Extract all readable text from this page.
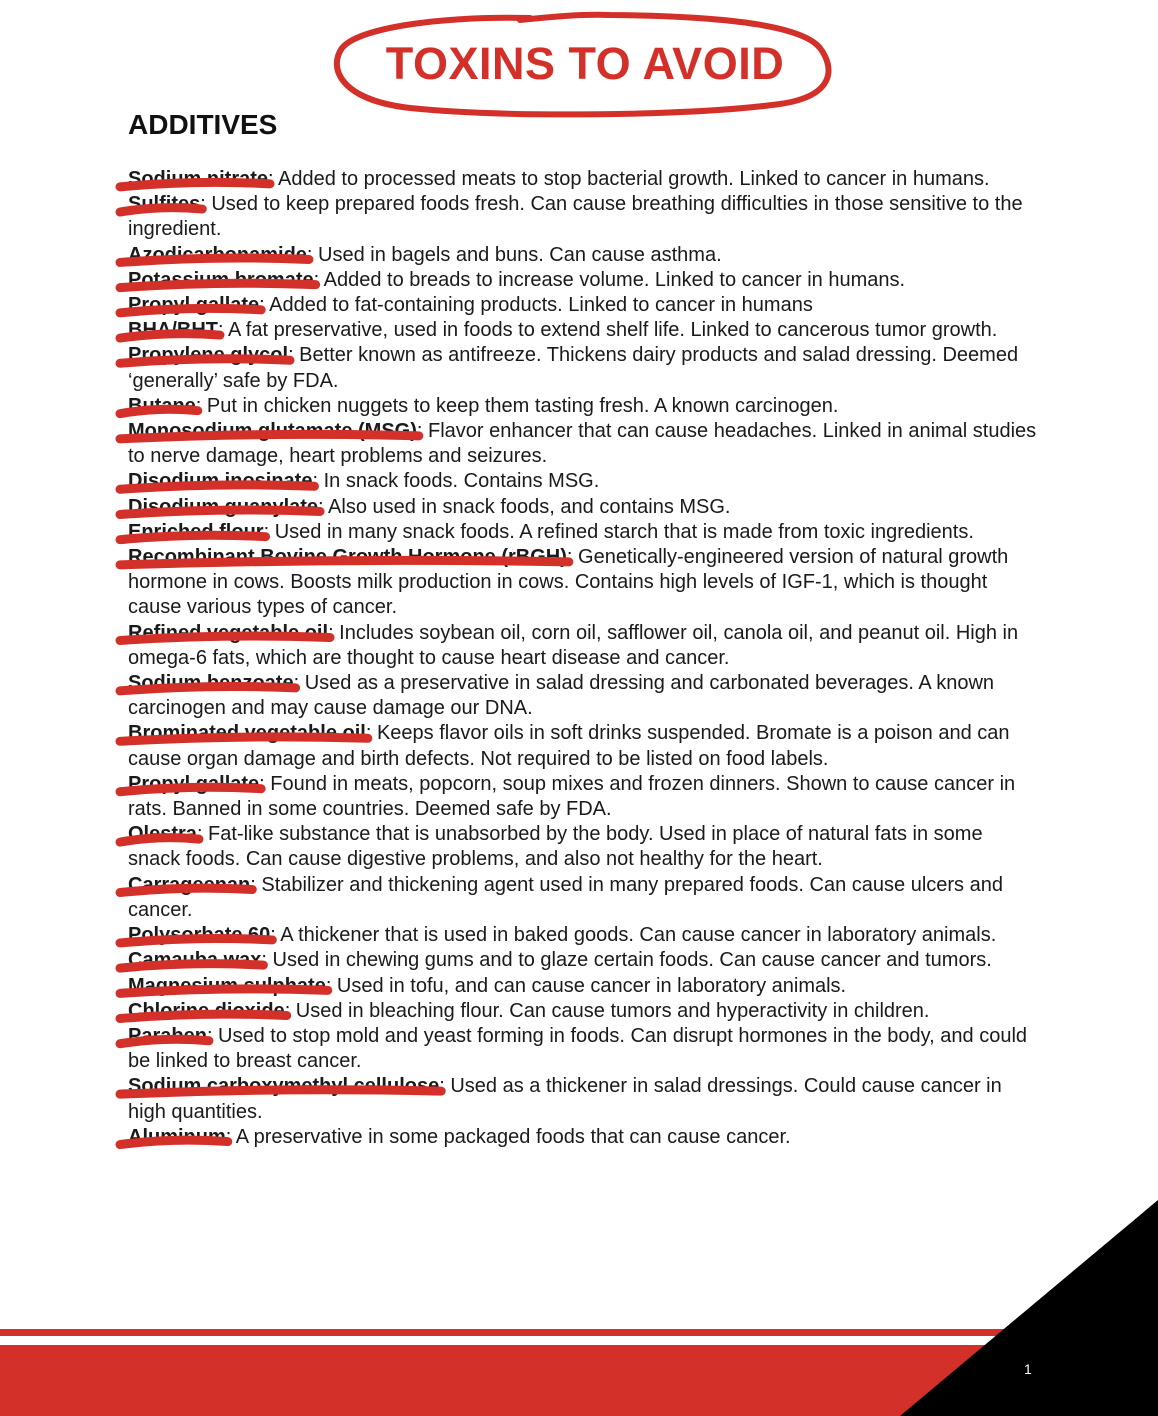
TOXINS TO AVOID
ADDITIVES

Sodium nitrate: Added to processed meats to stop bacterial growth. Linked to cancer in humans.

Sulfites: Used to keep prepared foods fresh. Can cause breathing difficulties in those sensitive to the ingredient.

Azodicarbonamide: Used in bagels and buns. Can cause asthma.

Potassium bromate: Added to breads to increase volume. Linked to cancer in humans.

Propyl gallate: Added to fat-containing products. Linked to cancer in humans

BHA/BHT: A fat preservative, used in foods to extend shelf life. Linked to cancerous tumor growth.

Propylene glycol: Better known as antifreeze. Thickens dairy products and salad dressing. Deemed ‘generally’ safe by FDA.

Butane: Put in chicken nuggets to keep them tasting fresh. A known carcinogen.

Monosodium glutamate (MSG): Flavor enhancer that can cause headaches. Linked in animal studies to nerve damage, heart problems and seizures.

Disodium inosinate: In snack foods. Contains MSG.

Disodium guanylate: Also used in snack foods, and contains MSG.

Enriched flour: Used in many snack foods. A refined starch that is made from toxic ingredients.

Recombinant Bovine Growth Hormone (rBGH): Genetically-engineered version of natural growth hormone in cows. Boosts milk production in cows. Contains high levels of IGF-1, which is thought cause various types of cancer.

Refined vegetable oil: Includes soybean oil, corn oil, safflower oil, canola oil, and peanut oil. High in omega-6 fats, which are thought to cause heart disease and cancer.

Sodium benzoate: Used as a preservative in salad dressing and carbonated beverages. A known carcinogen and may cause damage our DNA.

Brominated vegetable oil: Keeps flavor oils in soft drinks suspended. Bromate is a poison and can cause organ damage and birth defects. Not required to be listed on food labels.

Propyl gallate: Found in meats, popcorn, soup mixes and frozen dinners. Shown to cause cancer in rats. Banned in some countries. Deemed safe by FDA.

Olestra: Fat-like substance that is unabsorbed by the body. Used in place of natural fats in some snack foods. Can cause digestive problems, and also not healthy for the heart.

Carrageenan: Stabilizer and thickening agent used in many prepared foods. Can cause ulcers and cancer.

Polysorbate 60: A thickener that is used in baked goods. Can cause cancer in laboratory animals.

Camauba wax: Used in chewing gums and to glaze certain foods. Can cause cancer and tumors.

Magnesium sulphate: Used in tofu, and can cause cancer in laboratory animals.

Chlorine dioxide: Used in bleaching flour. Can cause tumors and hyperactivity in children.

Paraben: Used to stop mold and yeast forming in foods. Can disrupt hormones in the body, and could be linked to breast cancer.

Sodium carboxymethyl cellulose: Used as a thickener in salad dressings. Could cause cancer in high quantities.

Aluminum: A preservative in some packaged foods that can cause cancer.

1
